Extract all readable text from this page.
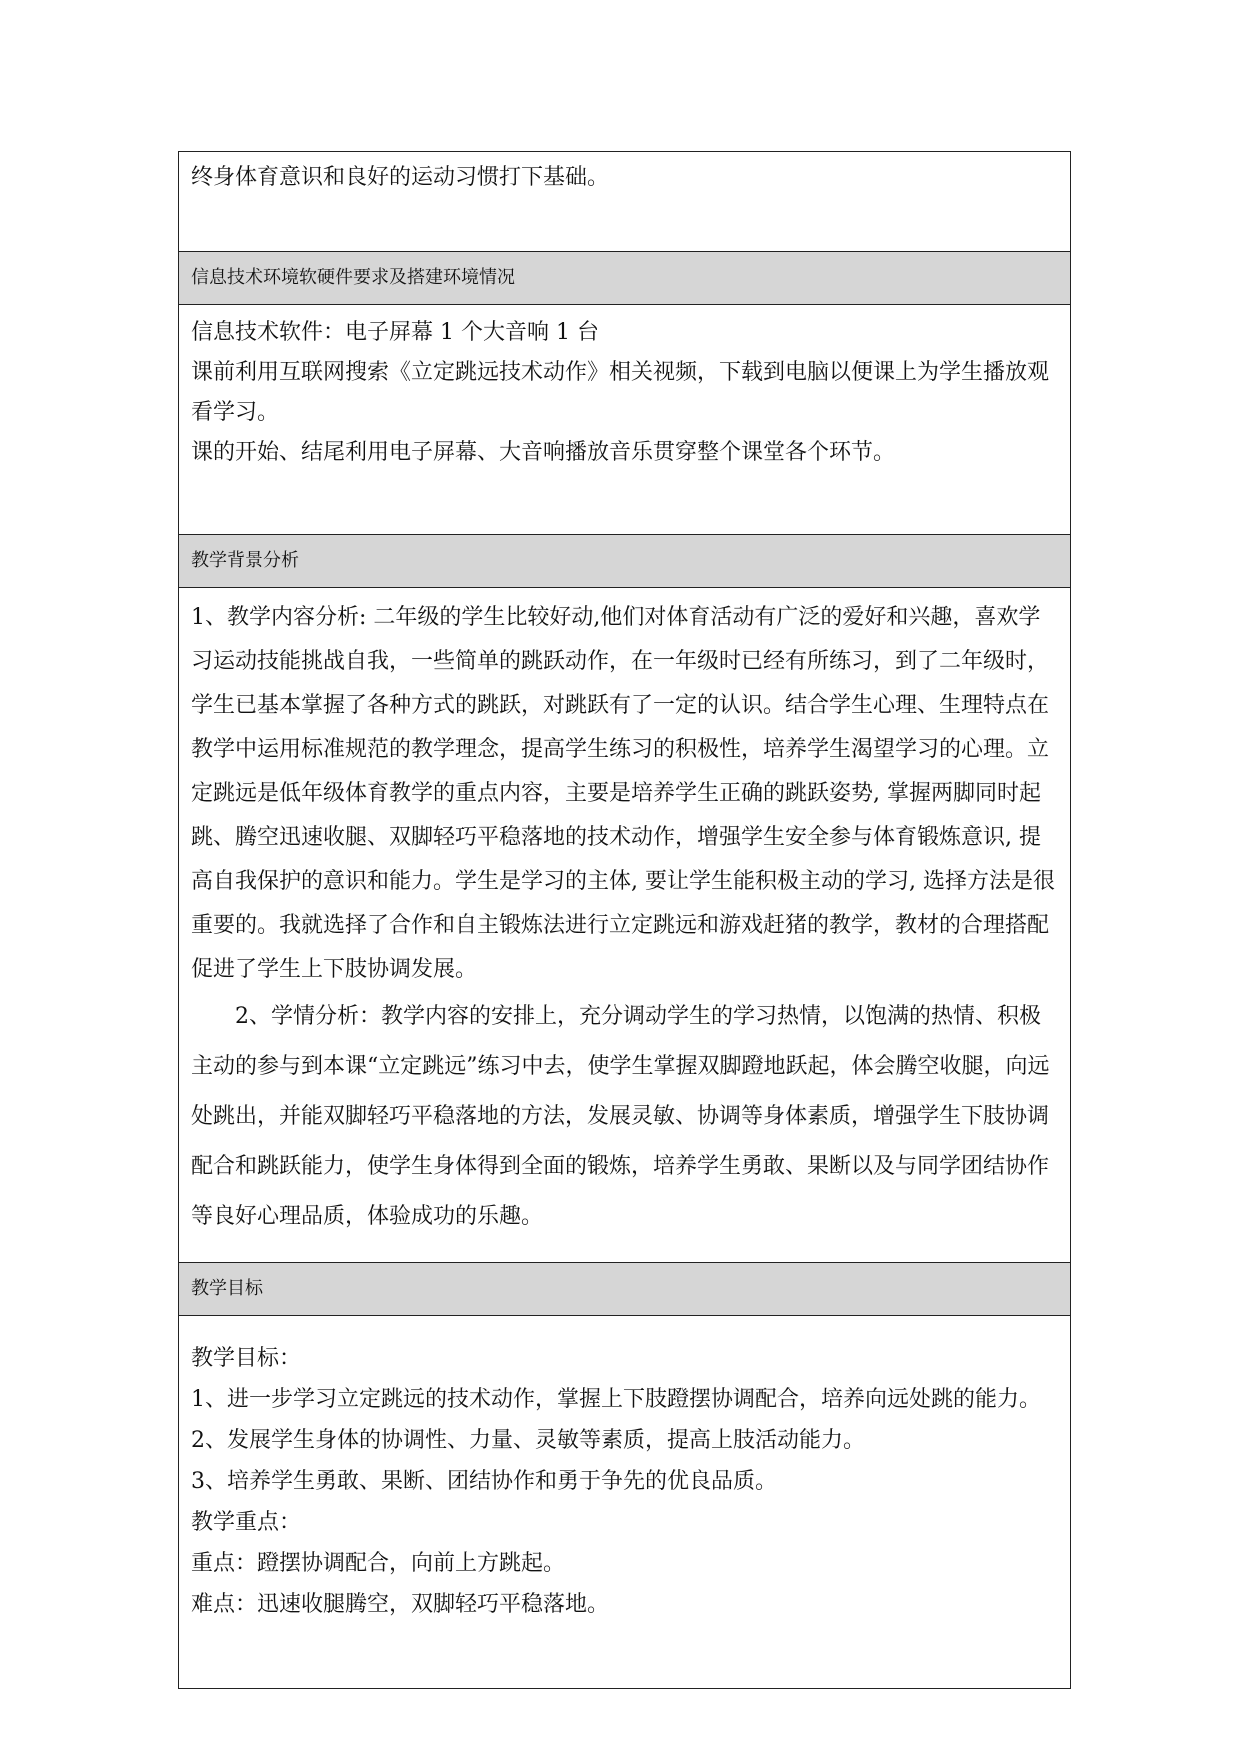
终身体育意识和良好的运动习惯打下基础。

信息技术环境软硬件要求及搭建环境情况

信息技术软件：电子屏幕 1 个大音响 1 台

课前利用互联网搜索《立定跳远技术动作》相关视频，下载到电脑以便课上为学生播放观看学习。

课的开始、结尾利用电子屏幕、大音响播放音乐贯穿整个课堂各个环节。

教学背景分析

1、教学内容分析: 二年级的学生比较好动,他们对体育活动有广泛的爱好和兴趣，喜欢学习运动技能挑战自我，一些简单的跳跃动作，在一年级时已经有所练习，到了二年级时，学生已基本掌握了各种方式的跳跃，对跳跃有了一定的认识。结合学生心理、生理特点在教学中运用标准规范的教学理念，提高学生练习的积极性，培养学生渴望学习的心理。立定跳远是低年级体育教学的重点内容，主要是培养学生正确的跳跃姿势, 掌握两脚同时起跳、腾空迅速收腿、双脚轻巧平稳落地的技术动作，增强学生安全参与体育锻炼意识, 提高自我保护的意识和能力。学生是学习的主体, 要让学生能积极主动的学习, 选择方法是很重要的。我就选择了合作和自主锻炼法进行立定跳远和游戏赶猪的教学，教材的合理搭配促进了学生上下肢协调发展。

2、学情分析：教学内容的安排上，充分调动学生的学习热情，以饱满的热情、积极主动的参与到本课“立定跳远”练习中去，使学生掌握双脚蹬地跃起，体会腾空收腿，向远处跳出，并能双脚轻巧平稳落地的方法，发展灵敏、协调等身体素质，增强学生下肢协调配合和跳跃能力，使学生身体得到全面的锻炼，培养学生勇敢、果断以及与同学团结协作等良好心理品质，体验成功的乐趣。

教学目标

教学目标：

1、进一步学习立定跳远的技术动作，掌握上下肢蹬摆协调配合，培养向远处跳的能力。

2、发展学生身体的协调性、力量、灵敏等素质，提高上肢活动能力。

3、培养学生勇敢、果断、团结协作和勇于争先的优良品质。

教学重点：

重点：蹬摆协调配合，向前上方跳起。

难点：迅速收腿腾空，双脚轻巧平稳落地。
